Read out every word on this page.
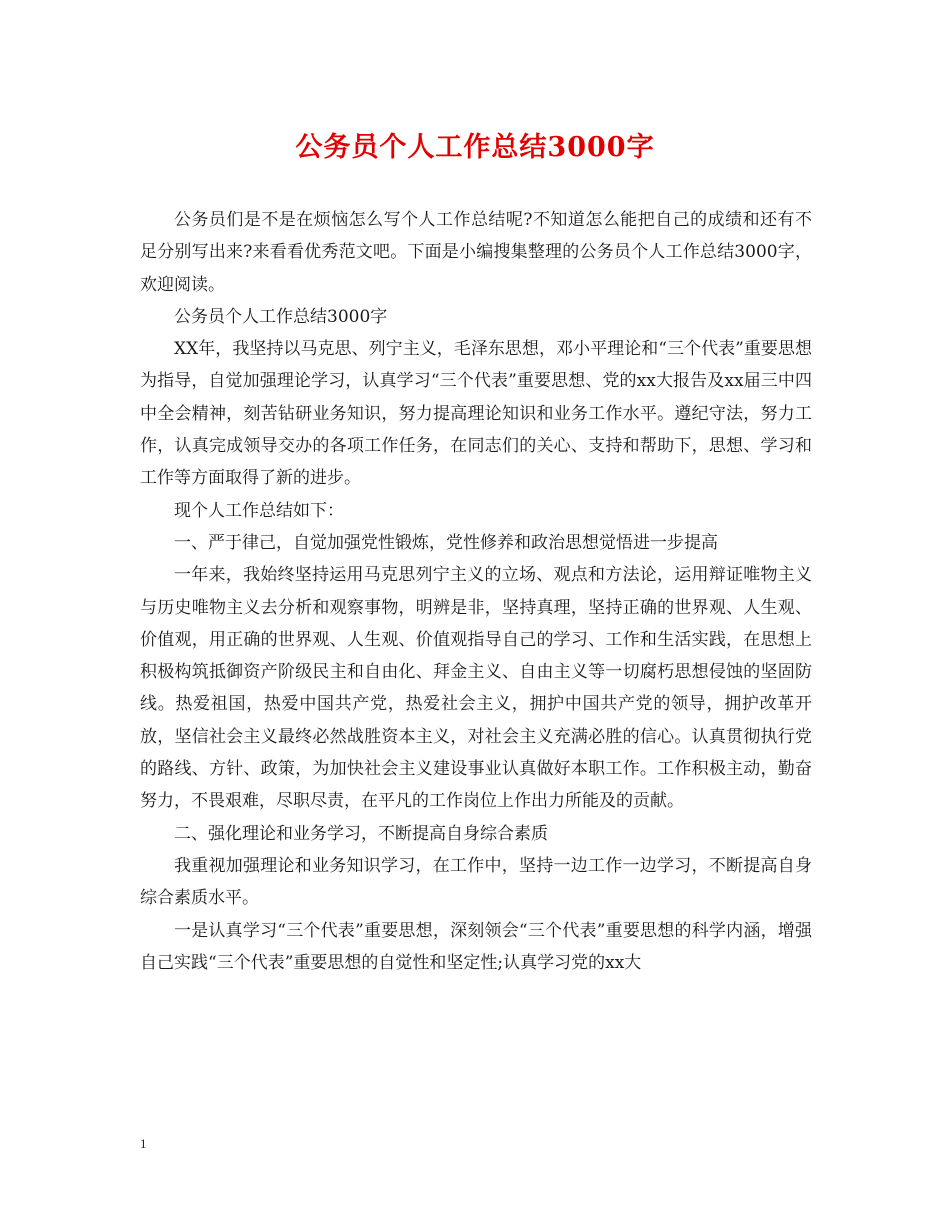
公务员个人工作总结3000字

公务员们是不是在烦恼怎么写个人工作总结呢?不知道怎么能把自己的成绩和还有不足分别写出来?来看看优秀范文吧。下面是小编搜集整理的公务员个人工作总结3000字，欢迎阅读。

公务员个人工作总结3000字

XX年，我坚持以马克思、列宁主义，毛泽东思想，邓小平理论和“三个代表”重要思想为指导，自觉加强理论学习，认真学习“三个代表”重要思想、党的xx大报告及xx届三中四中全会精神，刻苦钻研业务知识，努力提高理论知识和业务工作水平。遵纪守法，努力工作，认真完成领导交办的各项工作任务，在同志们的关心、支持和帮助下，思想、学习和工作等方面取得了新的进步。

现个人工作总结如下：

一、严于律己，自觉加强党性锻炼，党性修养和政治思想觉悟进一步提高

一年来，我始终坚持运用马克思列宁主义的立场、观点和方法论，运用辩证唯物主义与历史唯物主义去分析和观察事物，明辨是非，坚持真理，坚持正确的世界观、人生观、价值观，用正确的世界观、人生观、价值观指导自己的学习、工作和生活实践，在思想上积极构筑抵御资产阶级民主和自由化、拜金主义、自由主义等一切腐朽思想侵蚀的坚固防线。热爱祖国，热爱中国共产党，热爱社会主义，拥护中国共产党的领导，拥护改革开放，坚信社会主义最终必然战胜资本主义，对社会主义充满必胜的信心。认真贯彻执行党的路线、方针、政策，为加快社会主义建设事业认真做好本职工作。工作积极主动，勤奋努力，不畏艰难，尽职尽责，在平凡的工作岗位上作出力所能及的贡献。

二、强化理论和业务学习，不断提高自身综合素质

我重视加强理论和业务知识学习，在工作中，坚持一边工作一边学习，不断提高自身综合素质水平。

一是认真学习“三个代表”重要思想，深刻领会“三个代表”重要思想的科学内涵，增强自己实践“三个代表”重要思想的自觉性和坚定性;认真学习党的xx大

1
